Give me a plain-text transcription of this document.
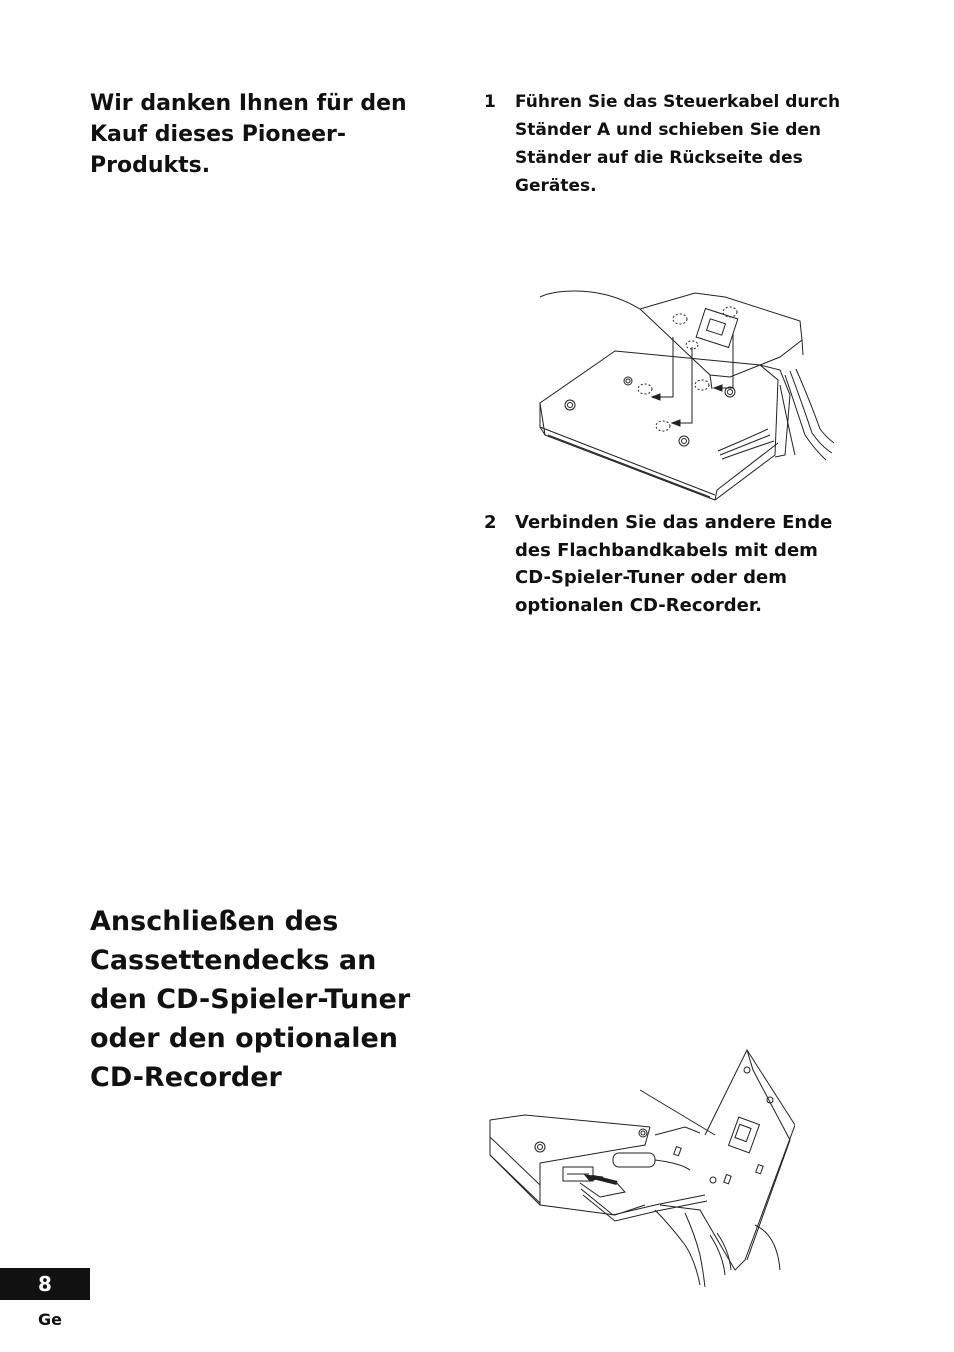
Wir danken Ihnen für den Kauf dieses Pioneer-Produkts.

1 Führen Sie das Steuerkabel durch Ständer A und schieben Sie den Ständer auf die Rückseite des Gerätes.
2 Verbinden Sie das andere Ende des Flachbandkabels mit dem CD-Spieler-Tuner oder dem optionalen CD-Recorder.
Anschließen des Cassettendecks an den CD-Spieler-Tuner oder den optionalen CD-Recorder
8
Ge
